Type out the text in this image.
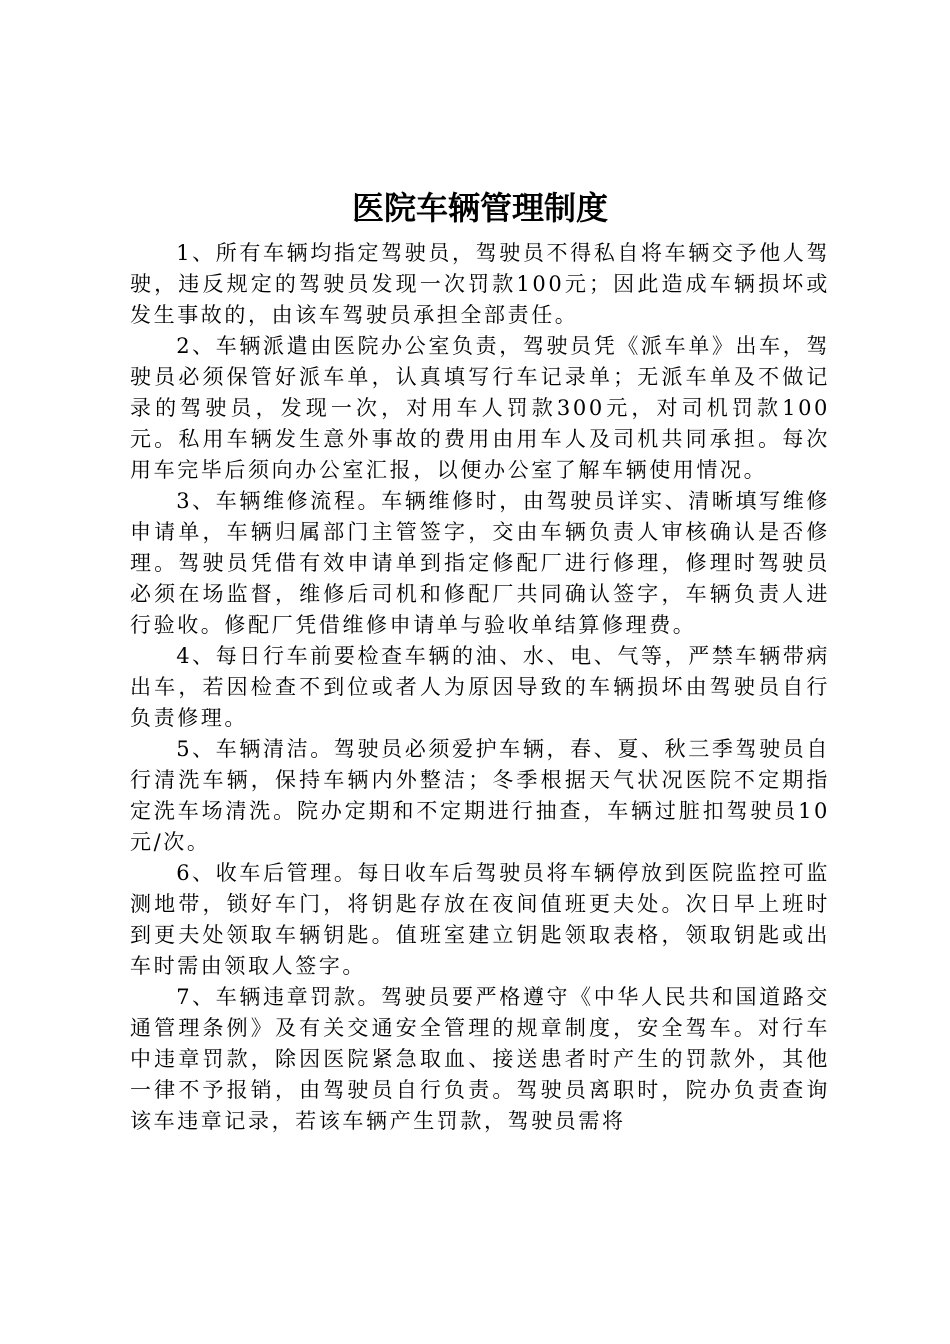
医院车辆管理制度

1、所有车辆均指定驾驶员，驾驶员不得私自将车辆交予他人驾驶，违反规定的驾驶员发现一次罚款100元；因此造成车辆损坏或发生事故的，由该车驾驶员承担全部责任。

2、车辆派遣由医院办公室负责，驾驶员凭《派车单》出车，驾驶员必须保管好派车单，认真填写行车记录单；无派车单及不做记录的驾驶员，发现一次，对用车人罚款300元，对司机罚款100元。私用车辆发生意外事故的费用由用车人及司机共同承担。每次用车完毕后须向办公室汇报，以便办公室了解车辆使用情况。

3、车辆维修流程。车辆维修时，由驾驶员详实、清晰填写维修申请单，车辆归属部门主管签字，交由车辆负责人审核确认是否修理。驾驶员凭借有效申请单到指定修配厂进行修理，修理时驾驶员必须在场监督，维修后司机和修配厂共同确认签字，车辆负责人进行验收。修配厂凭借维修申请单与验收单结算修理费。

4、每日行车前要检查车辆的油、水、电、气等，严禁车辆带病出车，若因检查不到位或者人为原因导致的车辆损坏由驾驶员自行负责修理。

5、车辆清洁。驾驶员必须爱护车辆，春、夏、秋三季驾驶员自行清洗车辆，保持车辆内外整洁；冬季根据天气状况医院不定期指定洗车场清洗。院办定期和不定期进行抽查，车辆过脏扣驾驶员10元/次。

6、收车后管理。每日收车后驾驶员将车辆停放到医院监控可监测地带，锁好车门，将钥匙存放在夜间值班更夫处。次日早上班时到更夫处领取车辆钥匙。值班室建立钥匙领取表格，领取钥匙或出车时需由领取人签字。

7、车辆违章罚款。驾驶员要严格遵守《中华人民共和国道路交通管理条例》及有关交通安全管理的规章制度，安全驾车。对行车中违章罚款，除因医院紧急取血、接送患者时产生的罚款外，其他一律不予报销，由驾驶员自行负责。驾驶员离职时，院办负责查询该车违章记录，若该车辆产生罚款，驾驶员需将
